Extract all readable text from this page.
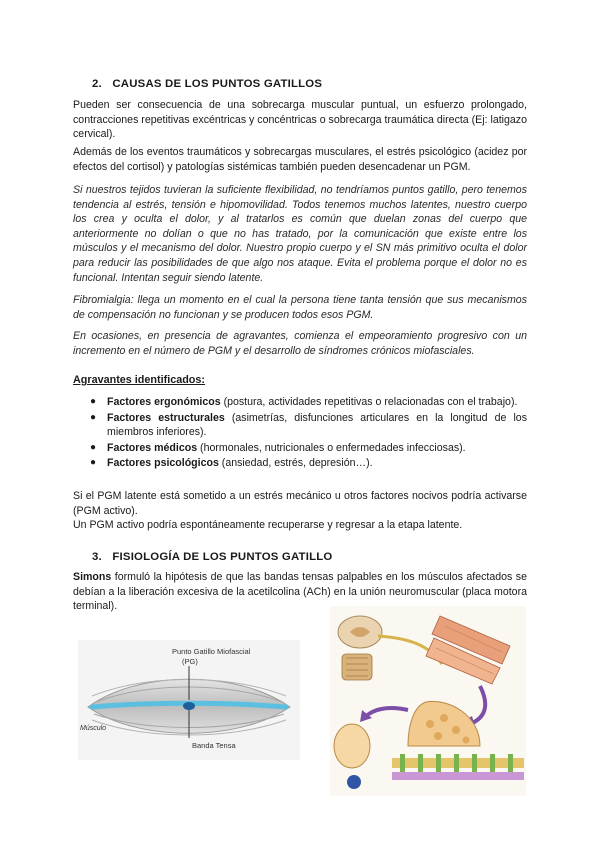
2. CAUSAS DE LOS PUNTOS GATILLOS

Pueden ser consecuencia de una sobrecarga muscular puntual, un esfuerzo prolongado, contracciones repetitivas excéntricas y concéntricas o sobrecarga traumática directa (Ej: latigazo cervical).

Además de los eventos traumáticos y sobrecargas musculares, el estrés psicológico (acidez por efectos del cortisol) y patologías sistémicas también pueden desencadenar un PGM.

Si nuestros tejidos tuvieran la suficiente flexibilidad, no tendríamos puntos gatillo, pero tenemos tendencia al estrés, tensión e hipomovilidad. Todos tenemos muchos latentes, nuestro cuerpo los crea y oculta el dolor, y al tratarlos es común que duelan zonas del cuerpo que anteriormente no dolían o que no has tratado, por la comunicación que existe entre los músculos y el mecanismo del dolor. Nuestro propio cuerpo y el SN más primitivo oculta el dolor para reducir las posibilidades de que algo nos ataque. Evita el problema porque el dolor no es funcional. Intentan seguir siendo latente.

Fibromialgia: llega un momento en el cual la persona tiene tanta tensión que sus mecanismos de compensación no funcionan y se producen todos esos PGM.

En ocasiones, en presencia de agravantes, comienza el empeoramiento progresivo con un incremento en el número de PGM y el desarrollo de síndromes crónicos miofasciales.

Agravantes identificados:
● Factores ergonómicos (postura, actividades repetitivas o relacionadas con el trabajo).
● Factores estructurales (asimetrías, disfunciones articulares en la longitud de los miembros inferiores).
● Factores médicos (hormonales, nutricionales o enfermedades infecciosas).
● Factores psicológicos (ansiedad, estrés, depresión…).

Si el PGM latente está sometido a un estrés mecánico u otros factores nocivos podría activarse (PGM activo).

Un PGM activo podría espontáneamente recuperarse y regresar a la etapa latente.

3. FISIOLOGÍA DE LOS PUNTOS GATILLO

Simons formuló la hipótesis de que las bandas tensas palpables en los músculos afectados se debían a la liberación excesiva de la acetilcolina (ACh) en la unión neuromuscular (placa motora terminal).

Punto Gatillo Miofascial
(PG)
Músculo
Banda Tensa
